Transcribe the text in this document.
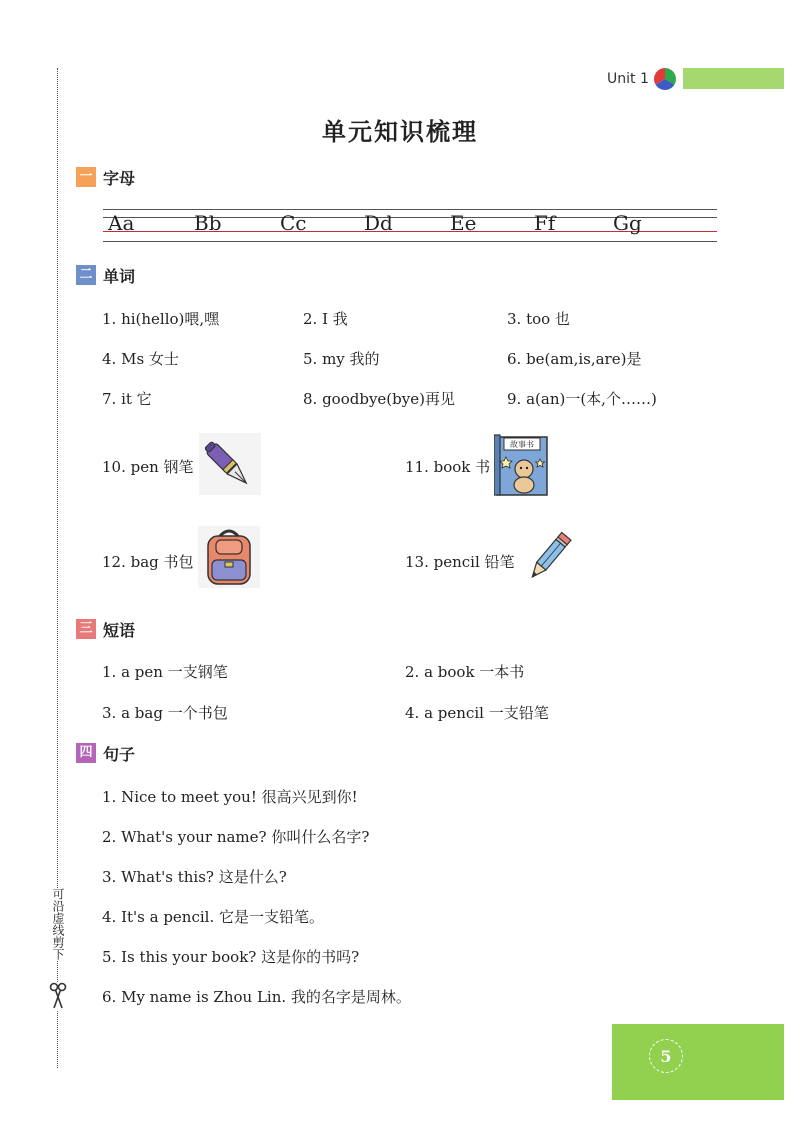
可沿虚线剪下
Unit 1
单元知识梳理
一 字母
Aa	Bb	Cc	Dd	Ee	Ff	Gg
二 单词
1. hi(hello)喂,嘿	2. I 我	3. too 也
4. Ms 女士	5. my 我的	6. be(am,is,are)是
7. it 它	8. goodbye(bye)再见	9. a(an)一(本,个……)
10. pen 钢笔	11. book 书
故事书
12. bag 书包	13. pencil 铅笔
三 短语
1. a pen 一支钢笔	2. a book 一本书
3. a bag 一个书包	4. a pencil 一支铅笔
四 句子
1. Nice to meet you! 很高兴见到你!
2. What's your name? 你叫什么名字?
3. What's this? 这是什么?
4. It's a pencil. 它是一支铅笔。
5. Is this your book? 这是你的书吗?
6. My name is Zhou Lin. 我的名字是周林。
5
